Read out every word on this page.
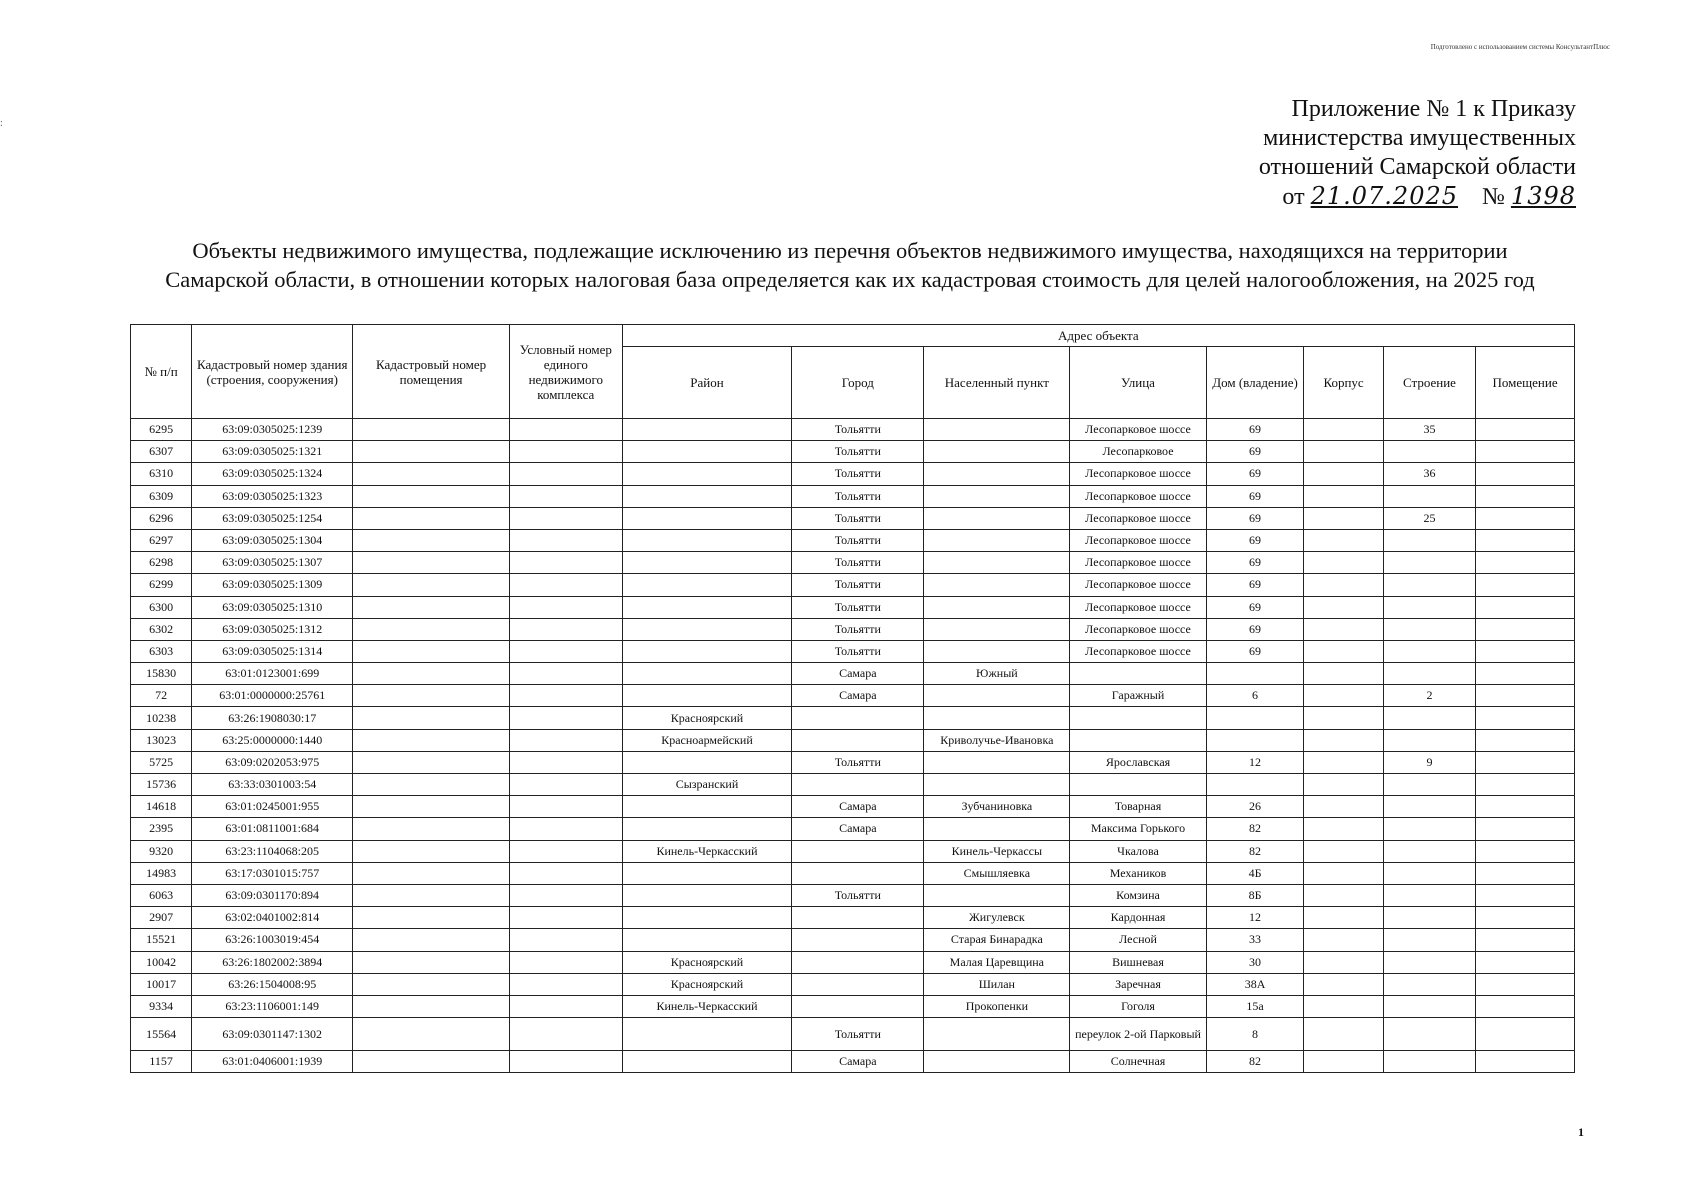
:
Подготовлено с использованием системы КонсультантПлюс
Приложение № 1 к Приказу
министерства имущественных
отношений Самарской области
от 21.07.2025 № 1398
Объекты недвижимого имущества, подлежащие исключению из перечня объектов недвижимого имущества, находящихся на территории Самарской области, в отношении которых налоговая база определяется как их кадастровая стоимость для целей налогообложения, на 2025 год
№ п/п	Кадастровый номер здания (строения, сооружения)	Кадастровый номер помещения	Условный номер единого недвижимого комплекса	Адрес объекта							
				Район	Город	Населенный пункт	Улица	Дом (владение)	Корпус	Строение	Помещение
6295	63:09:0305025:1239				Тольятти		Лесопарковое шоссе	69		35	
6307	63:09:0305025:1321				Тольятти		Лесопарковое	69			
6310	63:09:0305025:1324				Тольятти		Лесопарковое шоссе	69		36	
6309	63:09:0305025:1323				Тольятти		Лесопарковое шоссе	69			
6296	63:09:0305025:1254				Тольятти		Лесопарковое шоссе	69		25	
6297	63:09:0305025:1304				Тольятти		Лесопарковое шоссе	69			
6298	63:09:0305025:1307				Тольятти		Лесопарковое шоссе	69			
6299	63:09:0305025:1309				Тольятти		Лесопарковое шоссе	69			
6300	63:09:0305025:1310				Тольятти		Лесопарковое шоссе	69			
6302	63:09:0305025:1312				Тольятти		Лесопарковое шоссе	69			
6303	63:09:0305025:1314				Тольятти		Лесопарковое шоссе	69			
15830	63:01:0123001:699				Самара	Южный					
72	63:01:0000000:25761				Самара		Гаражный	6		2	
10238	63:26:1908030:17			Красноярский							
13023	63:25:0000000:1440			Красноармейский		Криволучье-Ивановка					
5725	63:09:0202053:975				Тольятти		Ярославская	12		9	
15736	63:33:0301003:54			Сызранский							
14618	63:01:0245001:955				Самара	Зубчаниновка	Товарная	26			
2395	63:01:0811001:684				Самара		Максима Горького	82			
9320	63:23:1104068:205			Кинель-Черкасский		Кинель-Черкассы	Чкалова	82			
14983	63:17:0301015:757					Смышляевка	Механиков	4Б			
6063	63:09:0301170:894				Тольятти		Комзина	8Б			
2907	63:02:0401002:814					Жигулевск	Кардонная	12			
15521	63:26:1003019:454					Старая Бинарадка	Лесной	33			
10042	63:26:1802002:3894			Красноярский		Малая Царевщина	Вишневая	30			
10017	63:26:1504008:95			Красноярский		Шилан	Заречная	38А			
9334	63:23:1106001:149			Кинель-Черкасский		Прокопенки	Гоголя	15а			
15564	63:09:0301147:1302				Тольятти		переулок 2-ой Парковый	8			
1157	63:01:0406001:1939				Самара		Солнечная	82			
1
